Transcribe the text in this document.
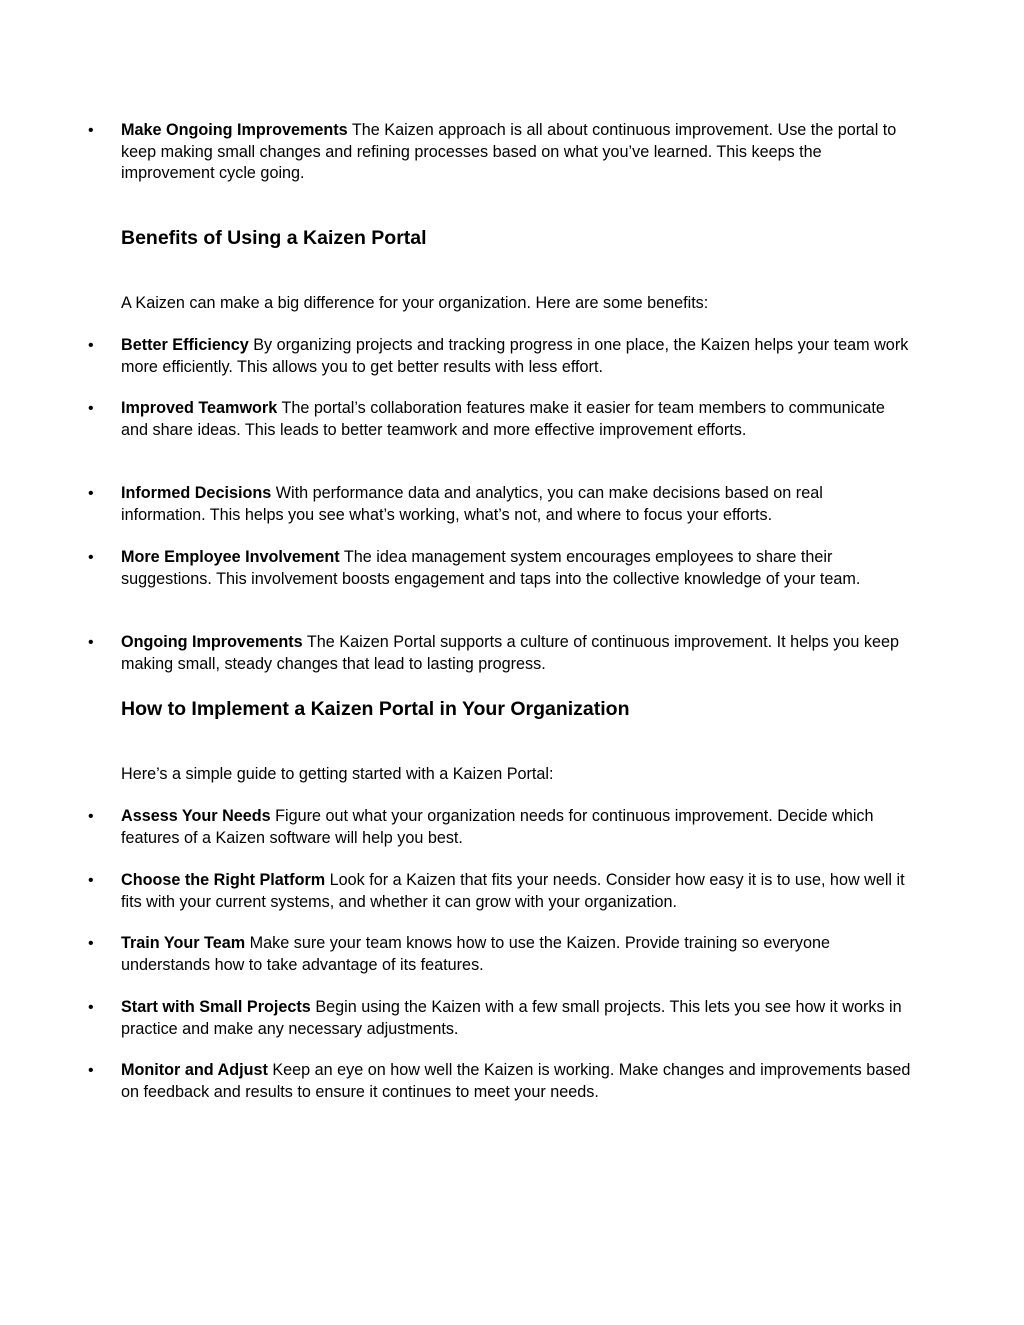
•	Make Ongoing Improvements The Kaizen approach is all about continuous improvement. Use the portal to keep making small changes and refining processes based on what you’ve learned. This keeps the improvement cycle going.
Benefits of Using a Kaizen Portal
A Kaizen can make a big difference for your organization. Here are some benefits:
•	Better Efficiency By organizing projects and tracking progress in one place, the Kaizen helps your team work more efficiently. This allows you to get better results with less effort.
•	Improved Teamwork The portal’s collaboration features make it easier for team members to communicate and share ideas. This leads to better teamwork and more effective improvement efforts.
•	Informed Decisions With performance data and analytics, you can make decisions based on real information. This helps you see what’s working, what’s not, and where to focus your efforts.
•	More Employee Involvement The idea management system encourages employees to share their suggestions. This involvement boosts engagement and taps into the collective knowledge of your team.
•	Ongoing Improvements The Kaizen Portal supports a culture of continuous improvement. It helps you keep making small, steady changes that lead to lasting progress.
How to Implement a Kaizen Portal in Your Organization
Here’s a simple guide to getting started with a Kaizen Portal:
•	Assess Your Needs Figure out what your organization needs for continuous improvement. Decide which features of a Kaizen software will help you best.
•	Choose the Right Platform Look for a Kaizen that fits your needs. Consider how easy it is to use, how well it fits with your current systems, and whether it can grow with your organization.
•	Train Your Team Make sure your team knows how to use the Kaizen. Provide training so everyone understands how to take advantage of its features.
•	Start with Small Projects Begin using the Kaizen with a few small projects. This lets you see how it works in practice and make any necessary adjustments.
•	Monitor and Adjust Keep an eye on how well the Kaizen is working. Make changes and improvements based on feedback and results to ensure it continues to meet your needs.
